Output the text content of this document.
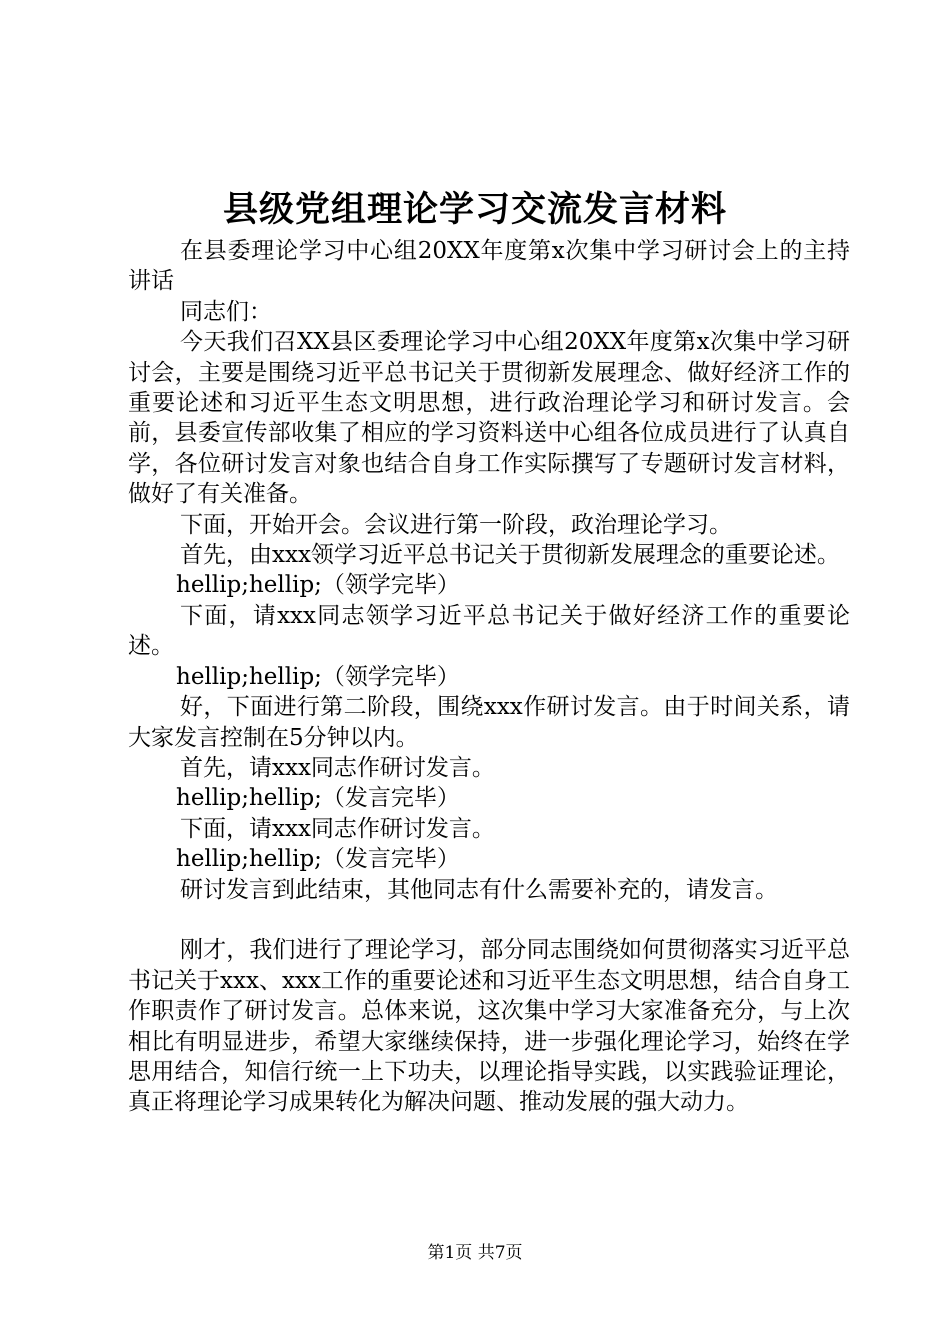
县级党组理论学习交流发言材料

在县委理论学习中心组20XX年度第x次集中学习研讨会上的主持讲话

同志们：

今天我们召XX县区委理论学习中心组20XX年度第x次集中学习研讨会，主要是围绕习近平总书记关于贯彻新发展理念、做好经济工作的重要论述和习近平生态文明思想，进行政治理论学习和研讨发言。会前，县委宣传部收集了相应的学习资料送中心组各位成员进行了认真自学，各位研讨发言对象也结合自身工作实际撰写了专题研讨发言材料，做好了有关准备。

下面，开始开会。会议进行第一阶段，政治理论学习。

首先，由xxx领学习近平总书记关于贯彻新发展理念的重要论述。

hellip;hellip;（领学完毕）

下面，请xxx同志领学习近平总书记关于做好经济工作的重要论述。

hellip;hellip;（领学完毕）

好，下面进行第二阶段，围绕xxx作研讨发言。由于时间关系，请大家发言控制在5分钟以内。

首先，请xxx同志作研讨发言。

hellip;hellip;（发言完毕）

下面，请xxx同志作研讨发言。

hellip;hellip;（发言完毕）

研讨发言到此结束，其他同志有什么需要补充的，请发言。

刚才，我们进行了理论学习，部分同志围绕如何贯彻落实习近平总书记关于xxx、xxx工作的重要论述和习近平生态文明思想，结合自身工作职责作了研讨发言。总体来说，这次集中学习大家准备充分，与上次相比有明显进步，希望大家继续保持，进一步强化理论学习，始终在学思用结合，知信行统一上下功夫，以理论指导实践，以实践验证理论，真正将理论学习成果转化为解决问题、推动发展的强大动力。

第1页 共7页
